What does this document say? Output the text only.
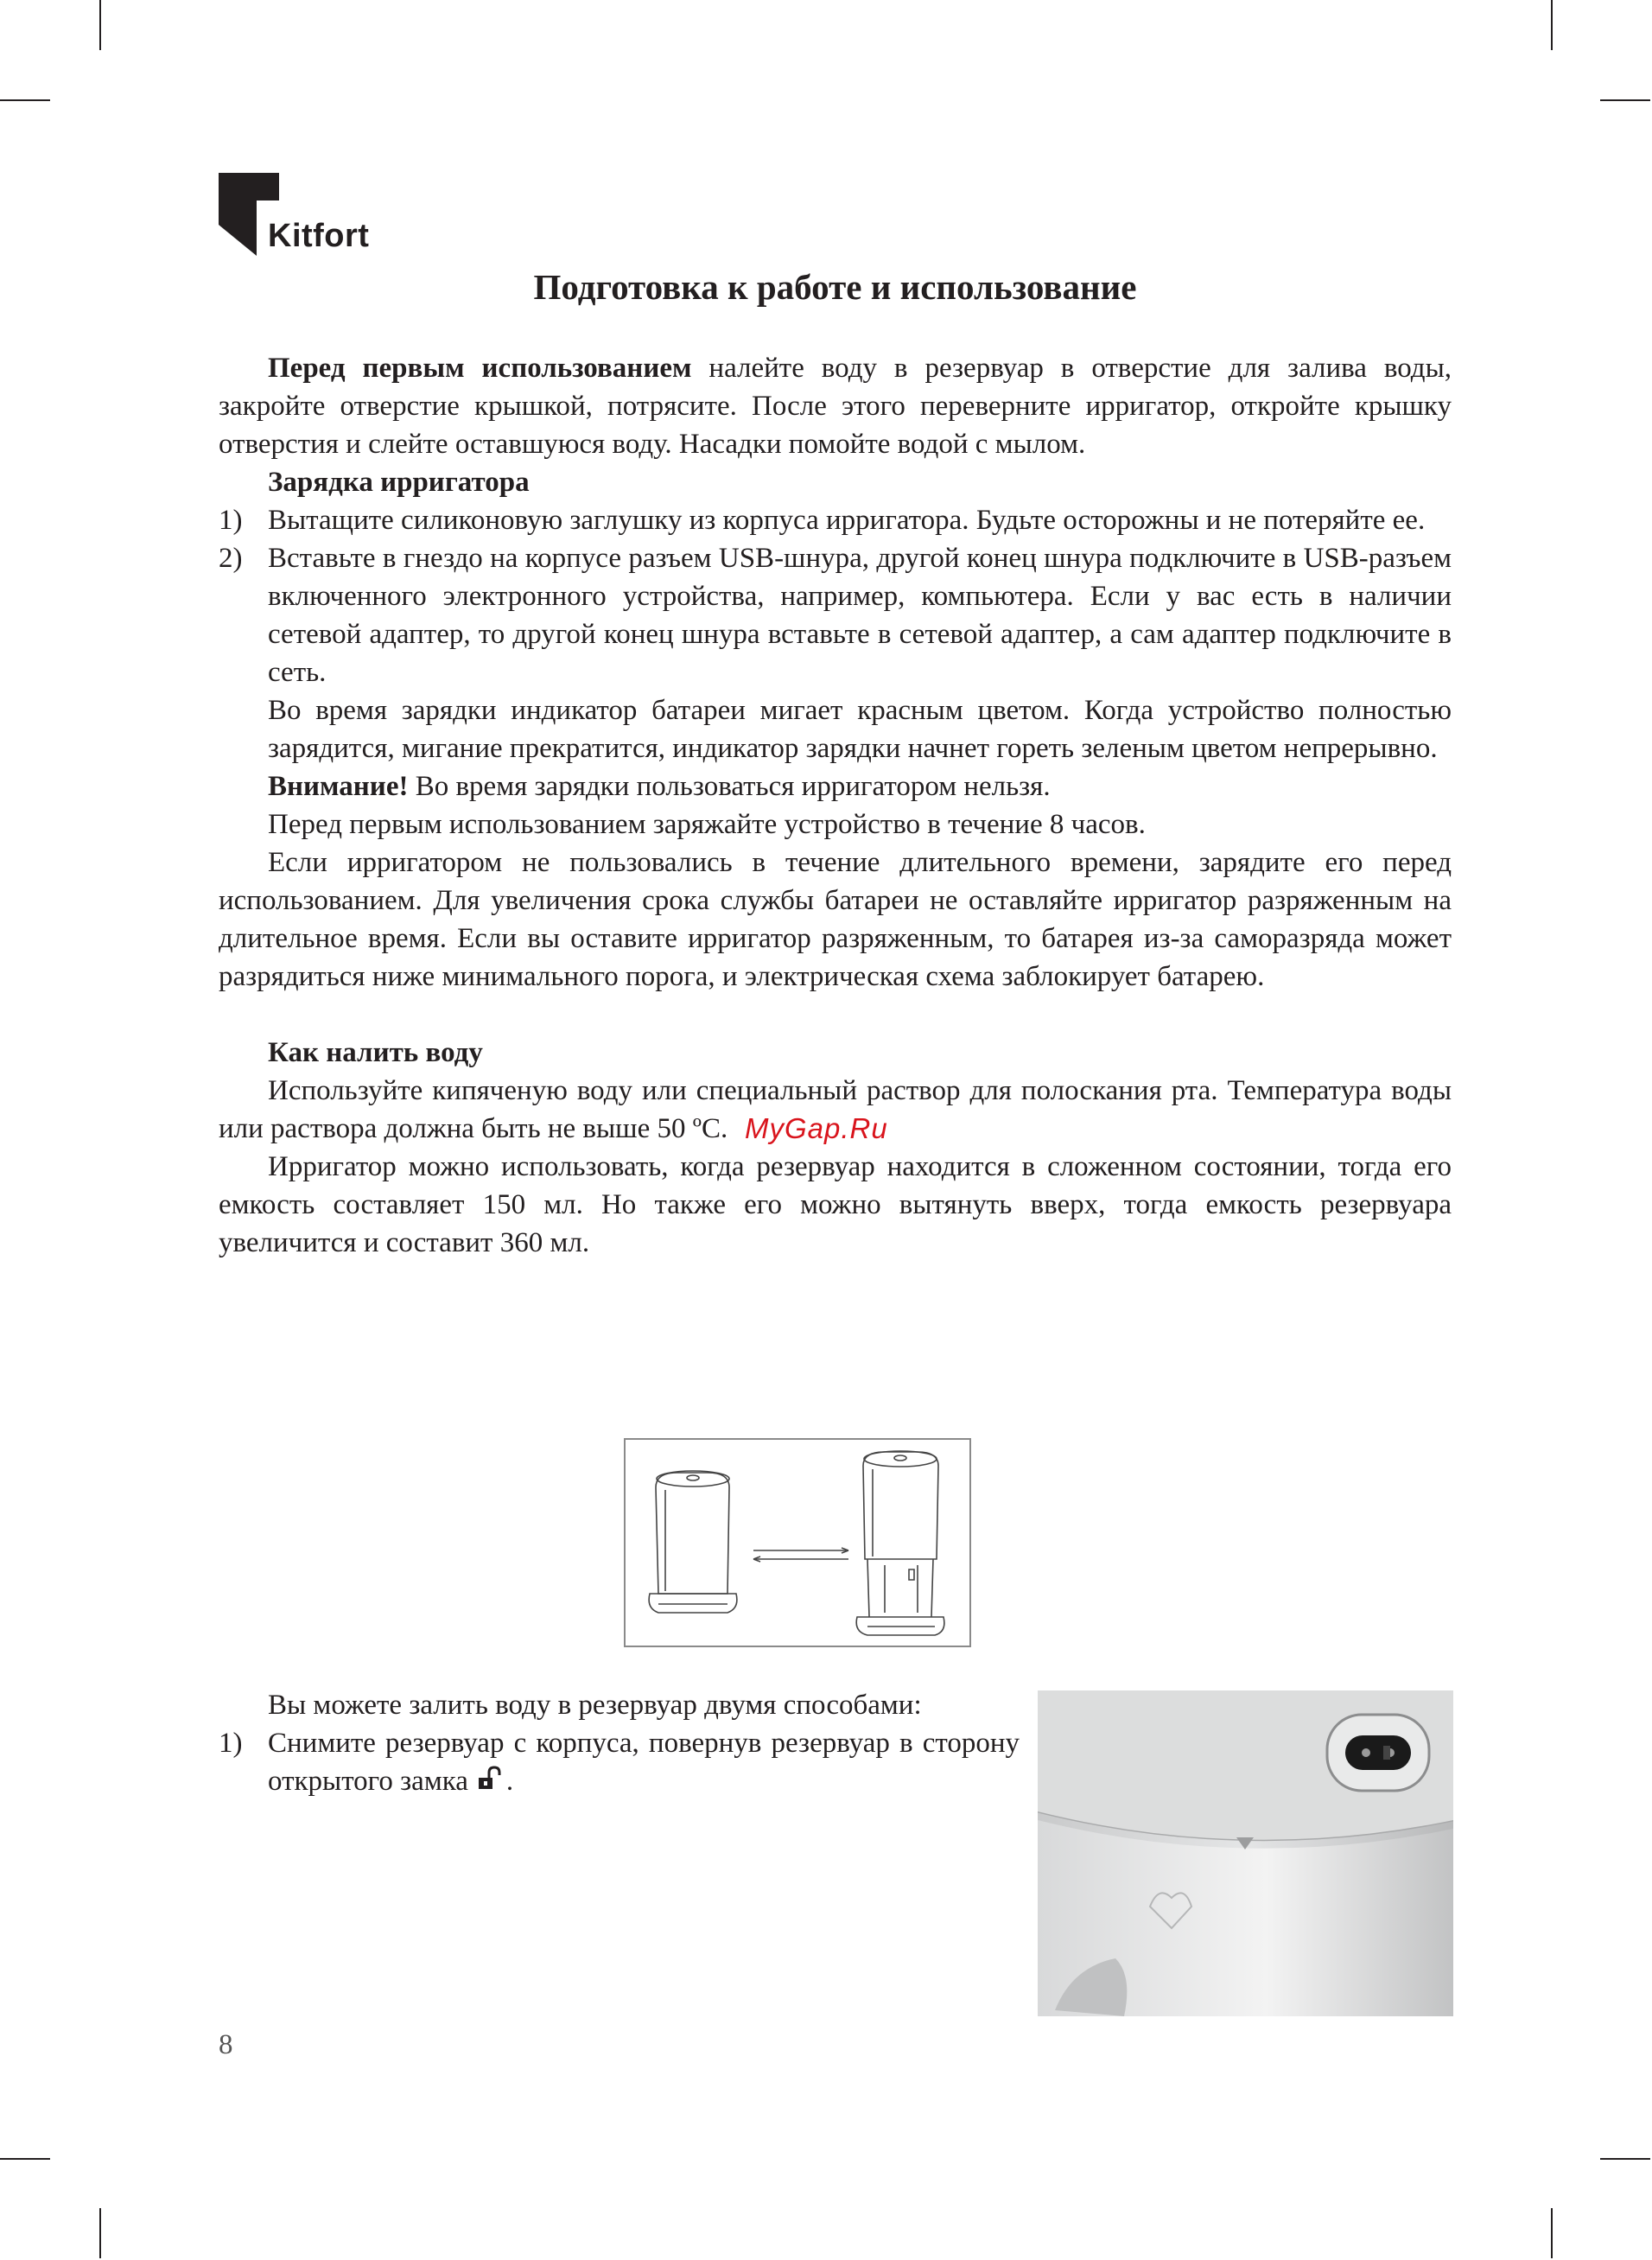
Kitfort
Подготовка к работе и использование

Перед первым использованием налейте воду в резервуар в отверстие для залива воды, закройте отверстие крышкой, потрясите. После этого переверните ирригатор, откройте крышку отверстия и слейте оставшуюся воду. Насадки помойте водой с мылом.

Зарядка ирригатора

1) Вытащите силиконовую заглушку из корпуса ирригатора. Будьте осторожны и не потеряйте ее.

2) Вставьте в гнездо на корпусе разъем USB-шнура, другой конец шнура подключите в USB-разъем включенного электронного устройства, например, компьютера. Если у вас есть в наличии сетевой адаптер, то другой конец шнура вставьте в сетевой адаптер, а сам адаптер подключите в сеть.

Во время зарядки индикатор батареи мигает красным цветом. Когда устройство полностью зарядится, мигание прекратится, индикатор зарядки начнет гореть зеленым цветом непрерывно.

Внимание! Во время зарядки пользоваться ирригатором нельзя.

Перед первым использованием заряжайте устройство в течение 8 часов.

Если ирригатором не пользовались в течение длительного времени, зарядите его перед использованием. Для увеличения срока службы батареи не оставляйте ирригатор разряженным на длительное время. Если вы оставите ирригатор разряженным, то батарея из-за саморазряда может разрядиться ниже минимального порога, и электрическая схема заблокирует батарею.

Как налить воду

Используйте кипяченую воду или специальный раствор для полоскания рта. Температура воды или раствора должна быть не выше 50 ºС.

Ирригатор можно использовать, когда резервуар находится в сложенном состоянии, тогда его емкость составляет 150 мл. Но также его можно вытянуть вверх, тогда емкость резервуара увеличится и составит 360 мл.

MyGap.Ru

Вы можете залить воду в резервуар двумя способами:

1) Снимите резервуар с корпуса, повернув резервуар в сторону открытого замка .

8
